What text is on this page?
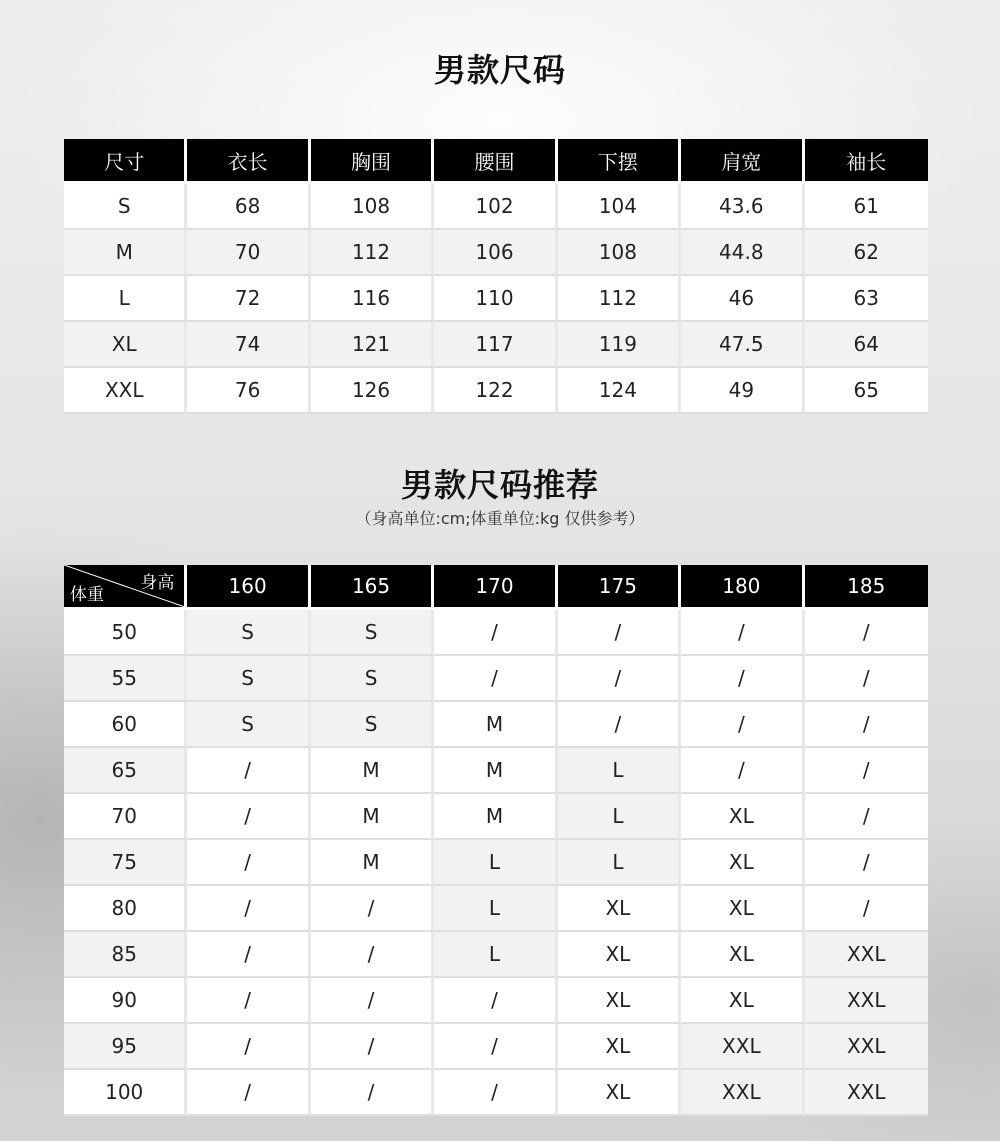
男款尺码
尺寸	衣长	胸围	腰围	下摆	肩宽	袖长
S	68	108	102	104	43.6	61
M	70	112	106	108	44.8	62
L	72	116	110	112	46	63
XL	74	121	117	119	47.5	64
XXL	76	126	122	124	49	65
男款尺码推荐
（身高单位:cm;体重单位:kg 仅供参考）
身高
体重	160	165	170	175	180	185
50	S	S	/	/	/	/
55	S	S	/	/	/	/
60	S	S	M	/	/	/
65	/	M	M	L	/	/
70	/	M	M	L	XL	/
75	/	M	L	L	XL	/
80	/	/	L	XL	XL	/
85	/	/	L	XL	XL	XXL
90	/	/	/	XL	XL	XXL
95	/	/	/	XL	XXL	XXL
100	/	/	/	XL	XXL	XXL
